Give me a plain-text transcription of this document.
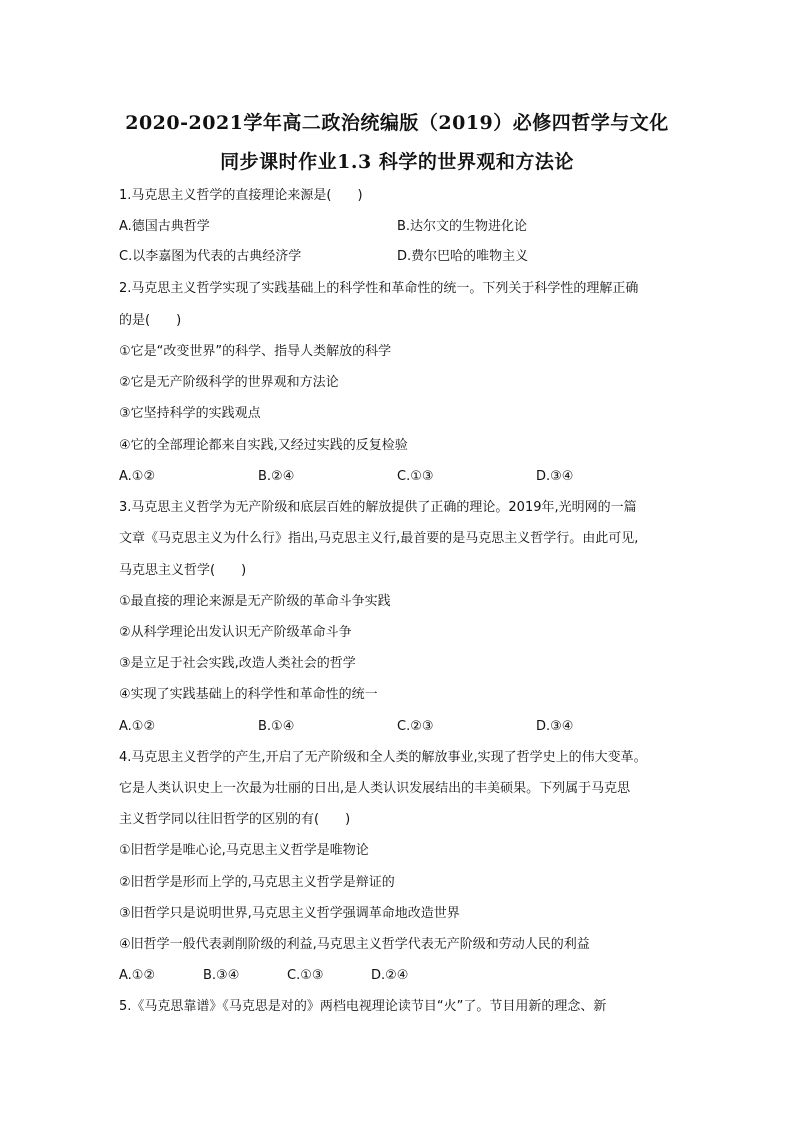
2020-2021学年高二政治统编版（2019）必修四哲学与文化
同步课时作业1.3 科学的世界观和方法论
1.马克思主义哲学的直接理论来源是(　　)
A.德国古典哲学	B.达尔文的生物进化论
C.以李嘉图为代表的古典经济学	D.费尔巴哈的唯物主义
2.马克思主义哲学实现了实践基础上的科学性和革命性的统一。下列关于科学性的理解正确
的是(　　)
①它是“改变世界”的科学、指导人类解放的科学
②它是无产阶级科学的世界观和方法论
③它坚持科学的实践观点
④它的全部理论都来自实践,又经过实践的反复检验
A.①②	B.②④	C.①③	D.③④
3.马克思主义哲学为无产阶级和底层百姓的解放提供了正确的理论。2019年,光明网的一篇
文章《马克思主义为什么行》指出,马克思主义行,最首要的是马克思主义哲学行。由此可见,
马克思主义哲学(　　)
①最直接的理论来源是无产阶级的革命斗争实践
②从科学理论出发认识无产阶级革命斗争
③是立足于社会实践,改造人类社会的哲学
④实现了实践基础上的科学性和革命性的统一
A.①②	B.①④	C.②③	D.③④
4.马克思主义哲学的产生,开启了无产阶级和全人类的解放事业,实现了哲学史上的伟大变革。
它是人类认识史上一次最为壮丽的日出,是人类认识发展结出的丰美硕果。下列属于马克思
主义哲学同以往旧哲学的区别的有(　　)
①旧哲学是唯心论,马克思主义哲学是唯物论
②旧哲学是形而上学的,马克思主义哲学是辩证的
③旧哲学只是说明世界,马克思主义哲学强调革命地改造世界
④旧哲学一般代表剥削阶级的利益,马克思主义哲学代表无产阶级和劳动人民的利益
A.①②	B.③④	C.①③	D.②④
5.《马克思靠谱》《马克思是对的》两档电视理论读节目“火”了。节目用新的理念、新
